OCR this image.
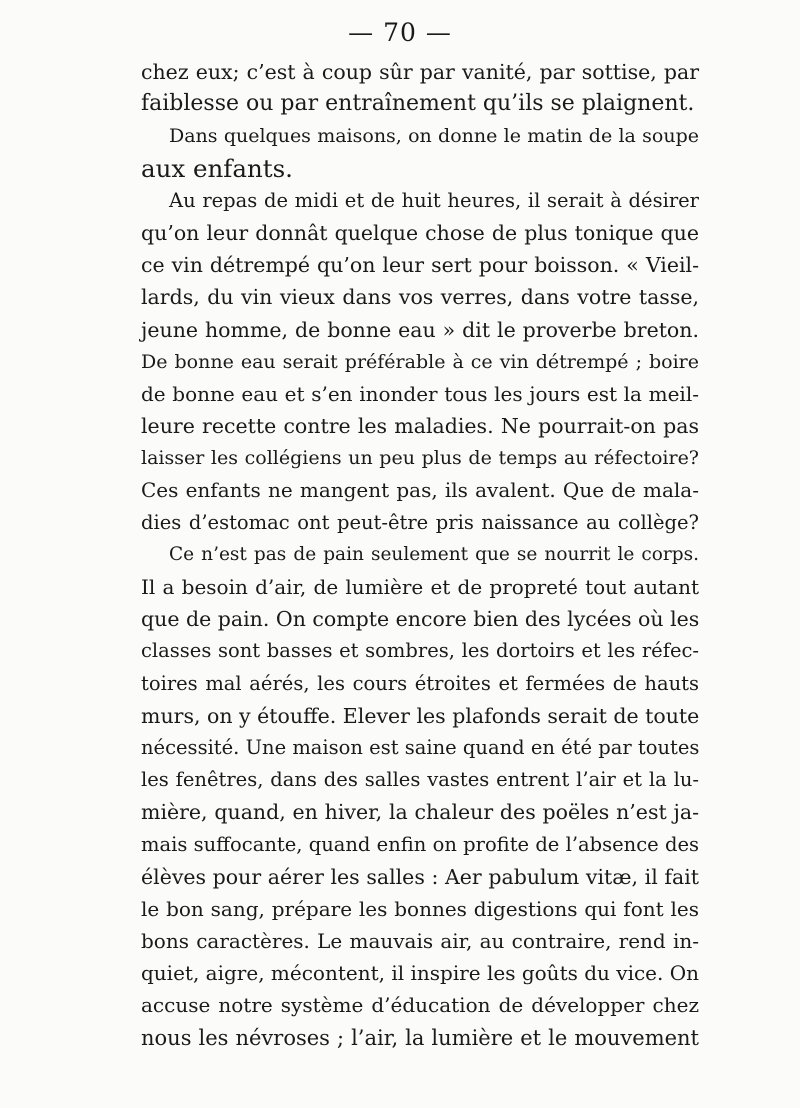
— 70 —
chez eux; c’est à coup sûr par vanité, par sottise, par
faiblesse ou par entraînement qu’ils se plaignent.
Dans quelques maisons, on donne le matin de la soupe
aux enfants.
Au repas de midi et de huit heures, il serait à désirer
qu’on leur donnât quelque chose de plus tonique que
ce vin détrempé qu’on leur sert pour boisson. « Vieil-
lards, du vin vieux dans vos verres, dans votre tasse,
jeune homme, de bonne eau » dit le proverbe breton.
De bonne eau serait préférable à ce vin détrempé ; boire
de bonne eau et s’en inonder tous les jours est la meil-
leure recette contre les maladies. Ne pourrait-on pas
laisser les collégiens un peu plus de temps au réfectoire?
Ces enfants ne mangent pas, ils avalent. Que de mala-
dies d’estomac ont peut-être pris naissance au collège?
Ce n’est pas de pain seulement que se nourrit le corps.
Il a besoin d’air, de lumière et de propreté tout autant
que de pain. On compte encore bien des lycées où les
classes sont basses et sombres, les dortoirs et les réfec-
toires mal aérés, les cours étroites et fermées de hauts
murs, on y étouffe. Elever les plafonds serait de toute
nécessité. Une maison est saine quand en été par toutes
les fenêtres, dans des salles vastes entrent l’air et la lu-
mière, quand, en hiver, la chaleur des poëles n’est ja-
mais suffocante, quand enfin on profite de l’absence des
élèves pour aérer les salles : Aer pabulum vitæ, il fait
le bon sang, prépare les bonnes digestions qui font les
bons caractères. Le mauvais air, au contraire, rend in-
quiet, aigre, mécontent, il inspire les goûts du vice. On
accuse notre système d’éducation de développer chez
nous les névroses ; l’air, la lumière et le mouvement
